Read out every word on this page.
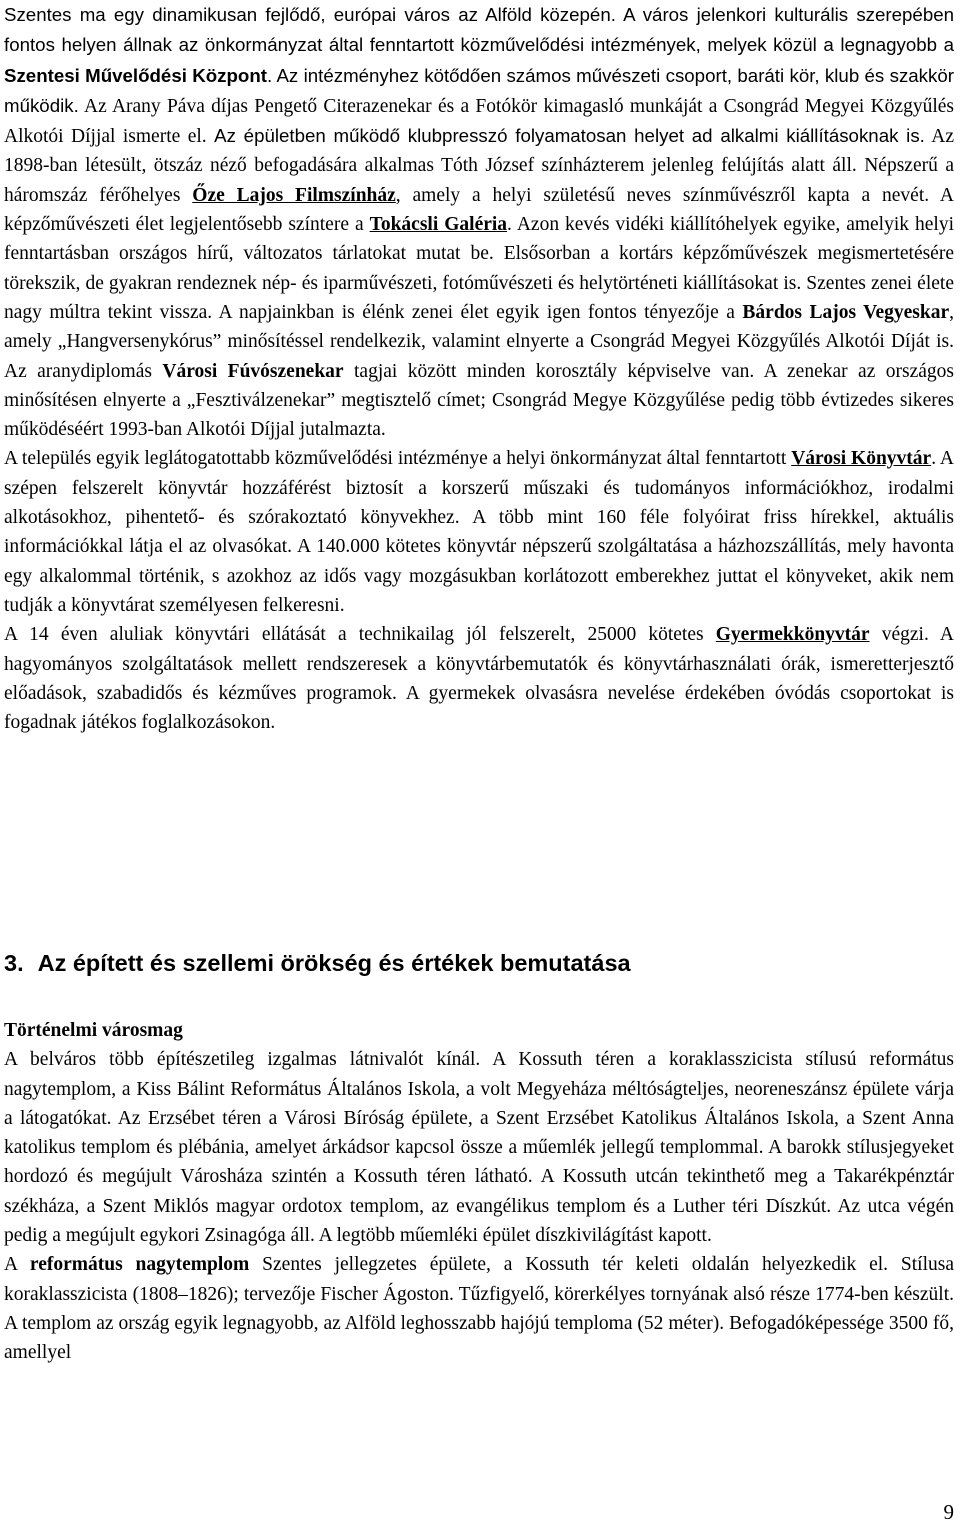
Szentes ma egy dinamikusan fejlődő, európai város az Alföld közepén. A város jelenkori kulturális szerepében fontos helyen állnak az önkormányzat által fenntartott közművelődési intézmények, melyek közül a legnagyobb a Szentesi Művelődési Központ. Az intézményhez kötődően számos művészeti csoport, baráti kör, klub és szakkör működik. Az Arany Páva díjas Pengető Citerazenekar és a Fotókör kimagasló munkáját a Csongrád Megyei Közgyűlés Alkotói Díjjal ismerte el. Az épületben működő klubpresszó folyamatosan helyet ad alkalmi kiállításoknak is. Az 1898-ban létesült, ötszáz néző befogadására alkalmas Tóth József színházterem jelenleg felújítás alatt áll. Népszerű a háromszáz férőhelyes Őze Lajos Filmszínház, amely a helyi születésű neves színművészről kapta a nevét. A képzőművészeti élet legjelentősebb színtere a Tokácsli Galéria. Azon kevés vidéki kiállítóhelyek egyike, amelyik helyi fenntartásban országos hírű, változatos tárlatokat mutat be. Elsősorban a kortárs képzőművészek megismertetésére törekszik, de gyakran rendeznek nép- és iparművészeti, fotóművészeti és helytörténeti kiállításokat is. Szentes zenei élete nagy múltra tekint vissza. A napjainkban is élénk zenei élet egyik igen fontos tényezője a Bárdos Lajos Vegyeskar, amely „Hangversenykórus” minősítéssel rendelkezik, valamint elnyerte a Csongrád Megyei Közgyűlés Alkotói Díját is. Az aranydiplomás Városi Fúvószenekar tagjai között minden korosztály képviselve van. A zenekar az országos minősítésen elnyerte a „Fesztiválzenekar” megtisztelő címet; Csongrád Megye Közgyűlése pedig több évtizedes sikeres működéséért 1993-ban Alkotói Díjjal jutalmazta.

A település egyik leglátogatottabb közművelődési intézménye a helyi önkormányzat által fenntartott Városi Könyvtár. A szépen felszerelt könyvtár hozzáférést biztosít a korszerű műszaki és tudományos információkhoz, irodalmi alkotásokhoz, pihentető- és szórakoztató könyvekhez. A több mint 160 féle folyóirat friss hírekkel, aktuális információkkal látja el az olvasókat. A 140.000 kötetes könyvtár népszerű szolgáltatása a házhozszállítás, mely havonta egy alkalommal történik, s azokhoz az idős vagy mozgásukban korlátozott emberekhez juttat el könyveket, akik nem tudják a könyvtárat személyesen felkeresni.

A 14 éven aluliak könyvtári ellátását a technikailag jól felszerelt, 25000 kötetes Gyermekkönyvtár végzi. A hagyományos szolgáltatások mellett rendszeresek a könyvtárbemutatók és könyvtárhasználati órák, ismeretterjesztő előadások, szabadidős és kézműves programok. A gyermekek olvasásra nevelése érdekében óvódás csoportokat is fogadnak játékos foglalkozásokon.

3. Az épített és szellemi örökség és értékek bemutatása

Történelmi városmag

A belváros több építészetileg izgalmas látnivalót kínál. A Kossuth téren a koraklasszicista stílusú református nagytemplom, a Kiss Bálint Református Általános Iskola, a volt Megyeháza méltóságteljes, neoreneszánsz épülete várja a látogatókat. Az Erzsébet téren a Városi Bíróság épülete, a Szent Erzsébet Katolikus Általános Iskola, a Szent Anna katolikus templom és plébánia, amelyet árkádsor kapcsol össze a műemlék jellegű templommal. A barokk stílusjegyeket hordozó és megújult Városháza szintén a Kossuth téren látható. A Kossuth utcán tekinthető meg a Takarékpénztár székháza, a Szent Miklós magyar ordotox templom, az evangélikus templom és a Luther téri Díszkút. Az utca végén pedig a megújult egykori Zsinagóga áll. A legtöbb műemléki épület díszkivilágítást kapott.

A református nagytemplom Szentes jellegzetes épülete, a Kossuth tér keleti oldalán helyezkedik el. Stílusa koraklasszicista (1808–1826); tervezője Fischer Ágoston. Tűzfigyelő, körerkélyes tornyának alsó része 1774-ben készült. A templom az ország egyik legnagyobb, az Alföld leghosszabb hajójú temploma (52 méter). Befogadóképessége 3500 fő, amellyel

9
